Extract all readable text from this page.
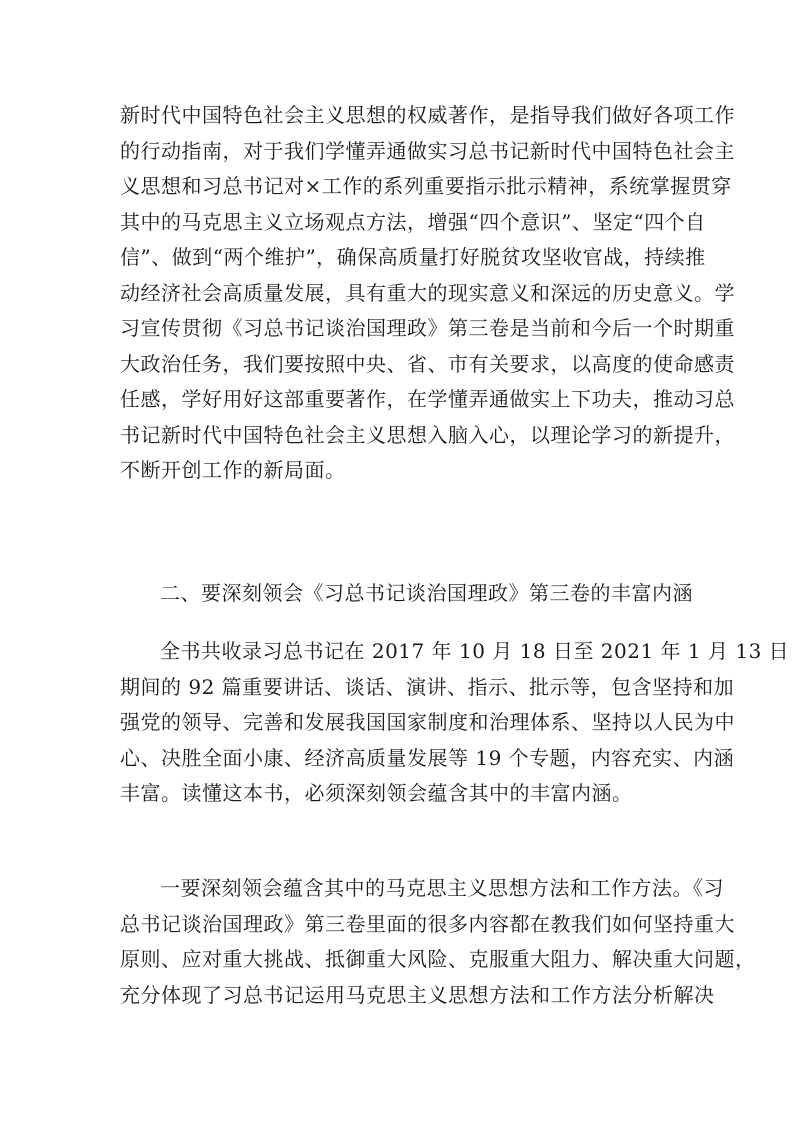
新时代中国特色社会主义思想的权威著作，是指导我们做好各项工作
的行动指南，对于我们学懂弄通做实习总书记新时代中国特色社会主
义思想和习总书记对×工作的系列重要指示批示精神，系统掌握贯穿
其中的马克思主义立场观点方法，增强“四个意识”、坚定“四个自
信”、做到“两个维护”，确保高质量打好脱贫攻坚收官战，持续推
动经济社会高质量发展，具有重大的现实意义和深远的历史意义。学
习宣传贯彻《习总书记谈治国理政》第三卷是当前和今后一个时期重
大政治任务，我们要按照中央、省、市有关要求，以高度的使命感责
任感，学好用好这部重要著作，在学懂弄通做实上下功夫，推动习总
书记新时代中国特色社会主义思想入脑入心，以理论学习的新提升，
不断开创工作的新局面。
二、要深刻领会《习总书记谈治国理政》第三卷的丰富内涵
全书共收录习总书记在 2017 年 10 月 18 日至 2021 年 1 月 13 日
期间的 92 篇重要讲话、谈话、演讲、指示、批示等，包含坚持和加
强党的领导、完善和发展我国国家制度和治理体系、坚持以人民为中
心、决胜全面小康、经济高质量发展等 19 个专题，内容充实、内涵
丰富。读懂这本书，必须深刻领会蕴含其中的丰富内涵。
一要深刻领会蕴含其中的马克思主义思想方法和工作方法。《习
总书记谈治国理政》第三卷里面的很多内容都在教我们如何坚持重大
原则、应对重大挑战、抵御重大风险、克服重大阻力、解决重大问题，
充分体现了习总书记运用马克思主义思想方法和工作方法分析解决
